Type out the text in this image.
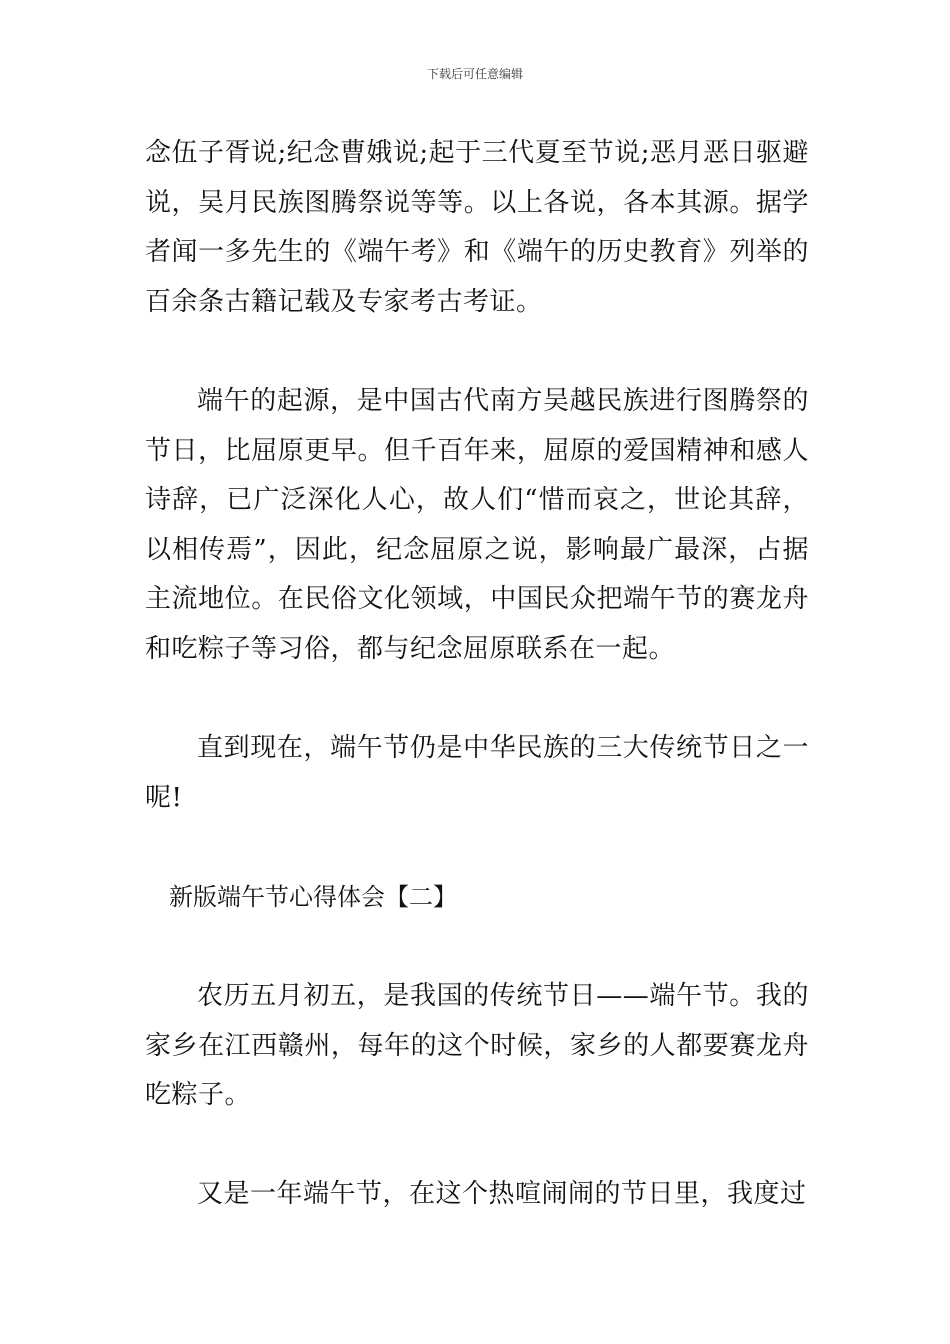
下载后可任意编辑

念伍子胥说;纪念曹娥说;起于三代夏至节说;恶月恶日驱避说，吴月民族图腾祭说等等。以上各说，各本其源。据学者闻一多先生的《端午考》和《端午的历史教育》列举的百余条古籍记载及专家考古考证。

端午的起源，是中国古代南方吴越民族进行图腾祭的节日，比屈原更早。但千百年来，屈原的爱国精神和感人诗辞，已广泛深化人心，故人们“惜而哀之，世论其辞，以相传焉”，因此，纪念屈原之说，影响最广最深，占据主流地位。在民俗文化领域，中国民众把端午节的赛龙舟和吃粽子等习俗，都与纪念屈原联系在一起。

直到现在，端午节仍是中华民族的三大传统节日之一呢!

新版端午节心得体会【二】

农历五月初五，是我国的传统节日——端午节。我的家乡在江西赣州，每年的这个时候，家乡的人都要赛龙舟吃粽子。

又是一年端午节，在这个热喧闹闹的节日里，我度过
